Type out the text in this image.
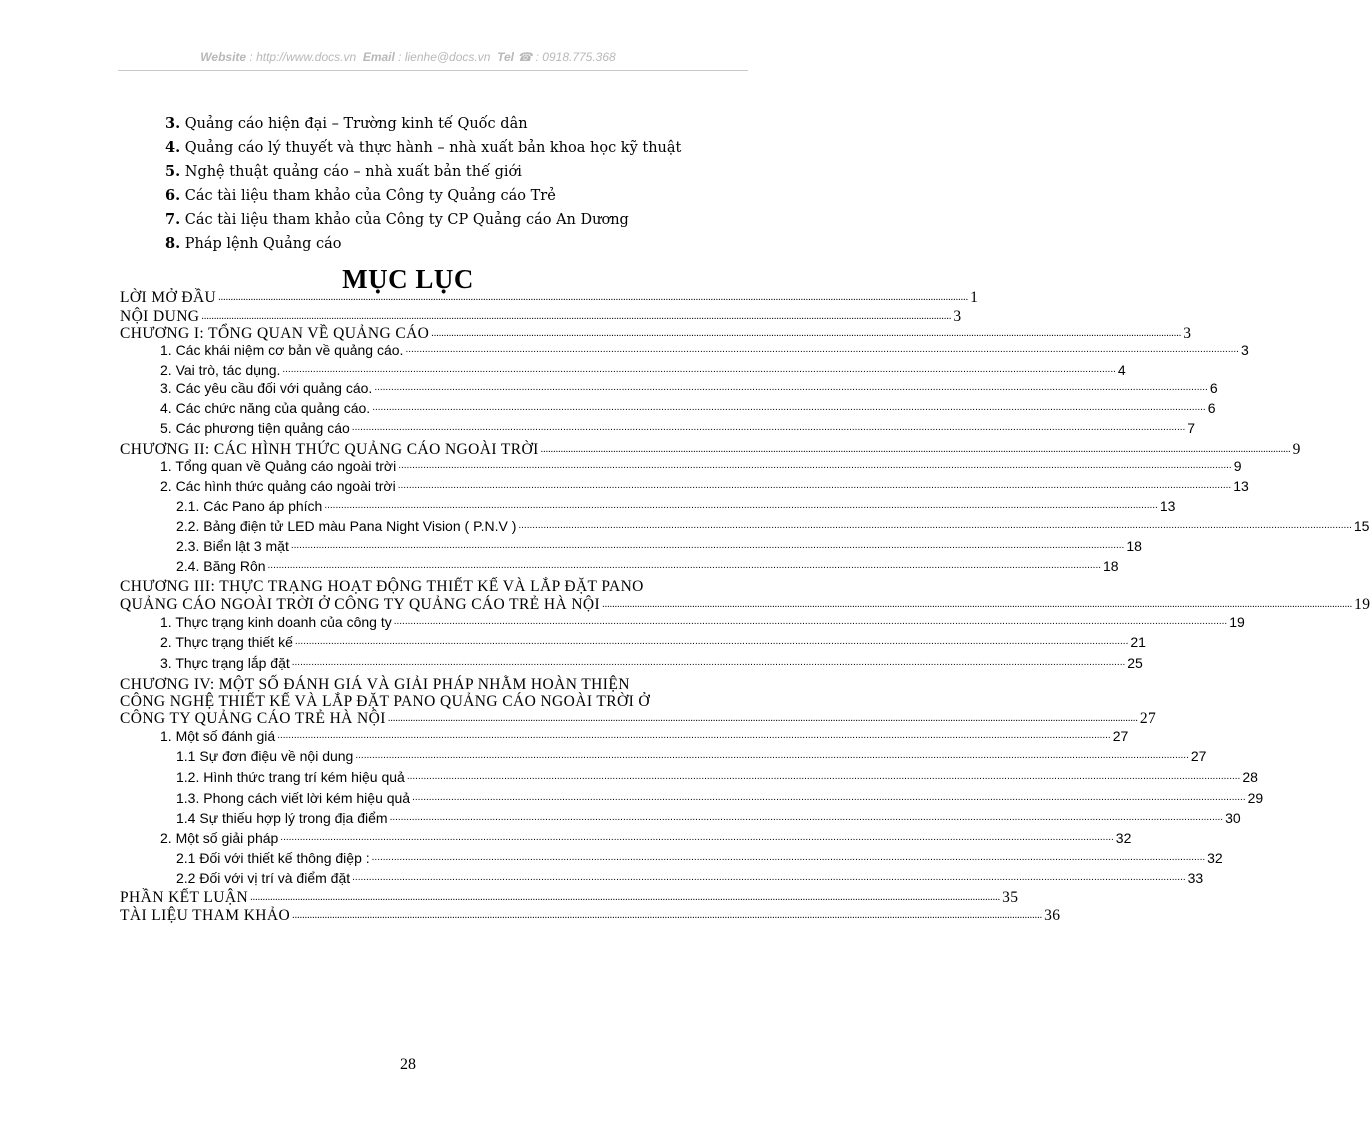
Website : http://www.docs.vn Email : lienhe@docs.vn Tel ☎ : 0918.775.368
3. Quảng cáo hiện đại – Trường kinh tế Quốc dân
4. Quảng cáo lý thuyết và thực hành – nhà xuất bản khoa học kỹ thuật
5. Nghệ thuật quảng cáo – nhà xuất bản thế giới
6. Các tài liệu tham khảo của Công ty Quảng cáo Trẻ
7. Các tài liệu tham khảo của Công ty CP Quảng cáo An Dương
8. Pháp lệnh Quảng cáo
MỤC LỤC
LỜI MỞ ĐẦU ............................................................................................................................................................................................................................................................................................................ 1
NỘI DUNG ............................................................................................................................................................................................................................................................................................................ 3
CHƯƠNG I: TỔNG QUAN VỀ QUẢNG CÁO ............................................................................................................................................................................................................................................................................................................ 3
1. Các khái niệm cơ bản về quảng cáo. ............................................................................................................................................................................................................................................................................................................ 3
2. Vai trò, tác dụng. ............................................................................................................................................................................................................................................................................................................ 4
3. Các yêu cầu đối với quảng cáo. ............................................................................................................................................................................................................................................................................................................ 6
4. Các chức năng của quảng cáo. ............................................................................................................................................................................................................................................................................................................ 6
5. Các phương tiện quảng cáo ............................................................................................................................................................................................................................................................................................................ 7
CHƯƠNG II: CÁC HÌNH THỨC QUẢNG CÁO NGOÀI TRỜI ............................................................................................................................................................................................................................................................................................................ 9
1. Tổng quan về Quảng cáo ngoài trời ............................................................................................................................................................................................................................................................................................................ 9
2. Các hình thức quảng cáo ngoài trời ............................................................................................................................................................................................................................................................................................................ 13
2.1. Các Pano áp phích ............................................................................................................................................................................................................................................................................................................ 13
2.2. Bảng điện tử LED màu Pana Night Vision ( P.N.V ) ............................................................................................................................................................................................................................................................................................................ 15
2.3. Biển lật 3 mặt ............................................................................................................................................................................................................................................................................................................ 18
2.4. Băng Rôn ............................................................................................................................................................................................................................................................................................................ 18
CHƯƠNG III: THỰC TRẠNG HOẠT ĐỘNG THIẾT KẾ VÀ LẮP ĐẶT PANO
QUẢNG CÁO NGOÀI TRỜI Ở CÔNG TY QUẢNG CÁO TRẺ HÀ NỘI ............................................................................................................................................................................................................................................................................................................ 19
1. Thực trạng kinh doanh của công ty ............................................................................................................................................................................................................................................................................................................ 19
2. Thực trạng thiết kế ............................................................................................................................................................................................................................................................................................................ 21
3. Thực trạng lắp đặt ............................................................................................................................................................................................................................................................................................................ 25
CHƯƠNG IV: MỘT SỐ ĐÁNH GIÁ VÀ GIẢI PHÁP NHẰM HOÀN THIỆN
CÔNG NGHỆ THIẾT KẾ VÀ LẮP ĐẶT PANO QUẢNG CÁO NGOÀI TRỜI Ở
CÔNG TY QUẢNG CÁO TRẺ HÀ NỘI ............................................................................................................................................................................................................................................................................................................ 27
1. Một số đánh giá ............................................................................................................................................................................................................................................................................................................ 27
1.1 Sự đơn điệu về nội dung ............................................................................................................................................................................................................................................................................................................ 27
1.2. Hình thức trang trí kém hiệu quả ............................................................................................................................................................................................................................................................................................................ 28
1.3. Phong cách viết lời kém hiệu quả ............................................................................................................................................................................................................................................................................................................ 29
1.4 Sự thiếu hợp lý trong địa điểm ............................................................................................................................................................................................................................................................................................................ 30
2. Một số giải pháp ............................................................................................................................................................................................................................................................................................................ 32
2.1 Đối với thiết kế thông điệp : ............................................................................................................................................................................................................................................................................................................ 32
2.2 Đối với vị trí và điểm đặt ............................................................................................................................................................................................................................................................................................................ 33
PHẦN KẾT LUẬN ............................................................................................................................................................................................................................................................................................................ 35
TÀI LIỆU THAM KHẢO ............................................................................................................................................................................................................................................................................................................ 36
28
